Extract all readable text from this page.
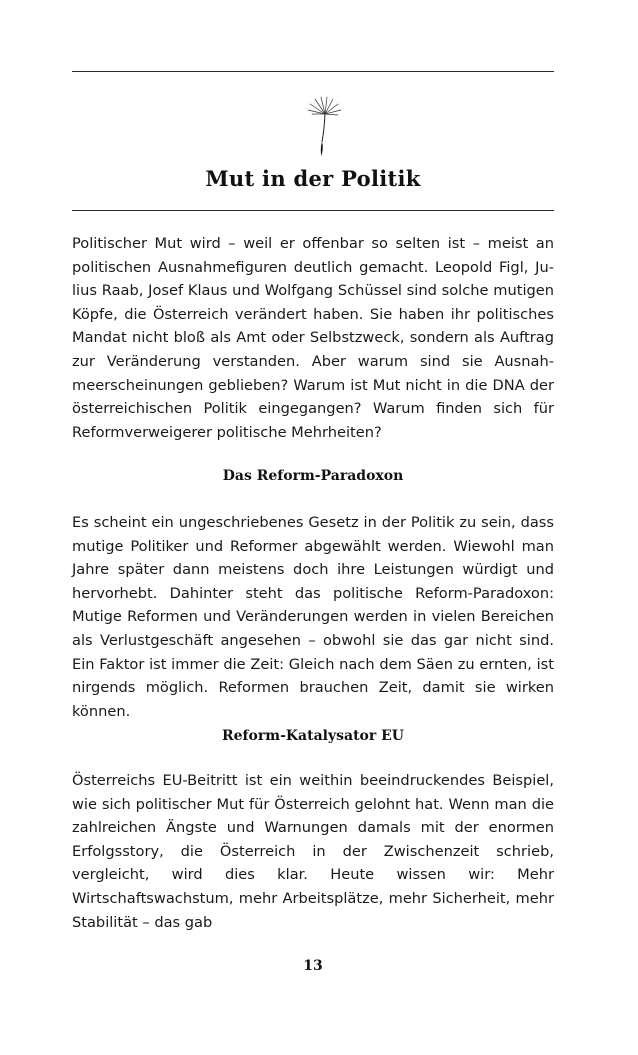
Mut in der Politik

Politischer Mut wird – weil er offenbar so selten ist – meist an politischen Ausnahmefiguren deutlich gemacht. Leopold Figl, Julius Raab, Josef Klaus und Wolfgang Schüssel sind solche mutigen Köpfe, die Österreich verändert haben. Sie haben ihr politisches Mandat nicht bloß als Amt oder Selbstzweck, sondern als Auftrag zur Veränderung verstanden. Aber warum sind sie Ausnahmeerscheinungen geblieben? Warum ist Mut nicht in die DNA der österreichischen Politik eingegangen? Warum finden sich für Reformverweigerer politische Mehrheiten?

Das Reform-Paradoxon

Es scheint ein ungeschriebenes Gesetz in der Politik zu sein, dass mutige Politiker und Reformer abgewählt werden. Wiewohl man Jahre später dann meistens doch ihre Leistungen würdigt und hervorhebt. Dahinter steht das politische Reform-Paradoxon: Mutige Reformen und Veränderungen werden in vielen Bereichen als Verlustgeschäft angesehen – obwohl sie das gar nicht sind. Ein Faktor ist immer die Zeit: Gleich nach dem Säen zu ernten, ist nirgends möglich. Reformen brauchen Zeit, damit sie wirken können.

Reform-Katalysator EU

Österreichs EU-Beitritt ist ein weithin beeindruckendes Beispiel, wie sich politischer Mut für Österreich gelohnt hat. Wenn man die zahlreichen Ängste und Warnungen damals mit der enormen Erfolgsstory, die Österreich in der Zwischenzeit schrieb, vergleicht, wird dies klar. Heute wissen wir: Mehr Wirtschaftswachstum, mehr Arbeitsplätze, mehr Sicherheit, mehr Stabilität – das gab

13
